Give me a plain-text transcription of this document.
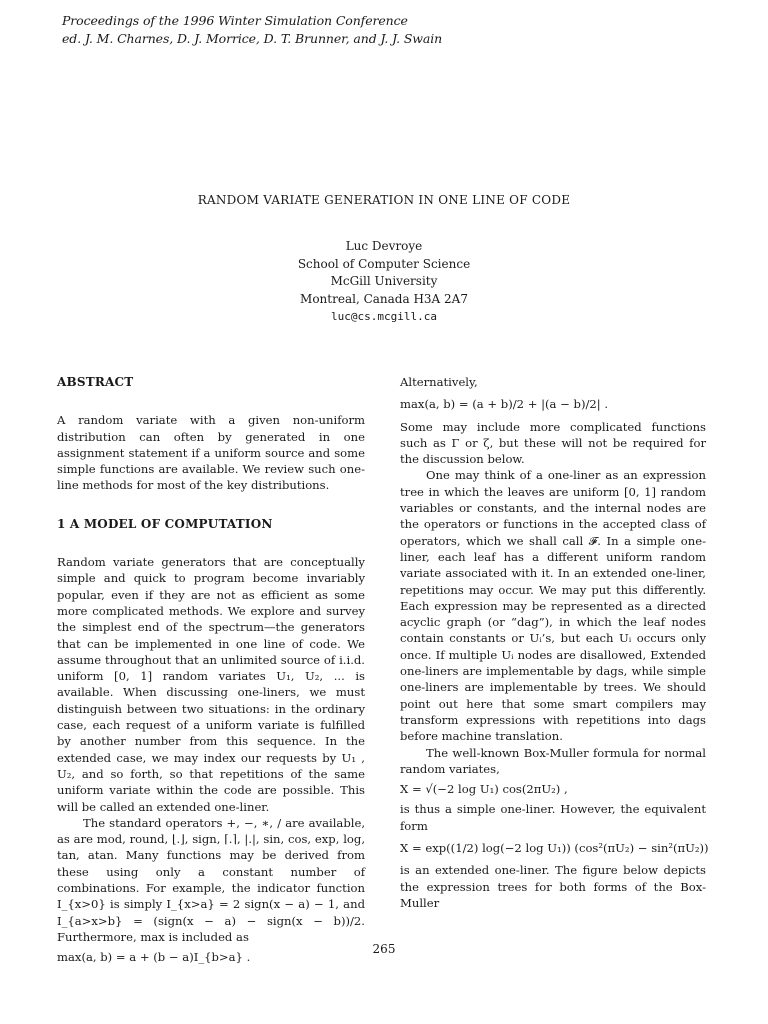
Proceedings of the 1996 Winter Simulation Conference
ed. J. M. Charnes, D. J. Morrice, D. T. Brunner, and J. J. Swain
RANDOM VARIATE GENERATION IN ONE LINE OF CODE
Luc Devroye
School of Computer Science
McGill University
Montreal, Canada H3A 2A7
luc@cs.mcgill.ca
ABSTRACT

A random variate with a given non-uniform distribution can often by generated in one assignment statement if a uniform source and some simple functions are available. We review such one-line methods for most of the key distributions.

1 A MODEL OF COMPUTATION

Random variate generators that are conceptually simple and quick to program become invariably popular, even if they are not as efficient as some more complicated methods. We explore and survey the simplest end of the spectrum—the generators that can be implemented in one line of code. We assume throughout that an unlimited source of i.i.d. uniform [0, 1] random variates U₁, U₂, ... is available. When discussing one-liners, we must distinguish between two situations: in the ordinary case, each request of a uniform variate is fulfilled by another number from this sequence. In the extended case, we may index our requests by U₁ , U₂, and so forth, so that repetitions of the same uniform variate within the code are possible. This will be called an extended one-liner.

The standard operators +, −, ∗, / are available, as are mod, round, ⌊.⌋, sign, ⌈.⌉, |.|, sin, cos, exp, log, tan, atan. Many functions may be derived from these using only a constant number of combinations. For example, the indicator function I_{x>0} is simply I_{x>a} = 2 sign(x − a) − 1, and I_{a>x>b} = (sign(x − a) − sign(x − b))/2. Furthermore, max is included as

max(a, b) = a + (b − a)I_{b>a} .

Alternatively,

max(a, b) = (a + b)/2 + |(a − b)/2| .

Some may include more complicated functions such as Γ or ζ, but these will not be required for the discussion below.

One may think of a one-liner as an expression tree in which the leaves are uniform [0, 1] random variables or constants, and the internal nodes are the operators or functions in the accepted class of operators, which we shall call 𝓕. In a simple one-liner, each leaf has a different uniform random variate associated with it. In an extended one-liner, repetitions may occur. We may put this differently. Each expression may be represented as a directed acyclic graph (or “dag”), in which the leaf nodes contain constants or Uᵢ’s, but each Uᵢ occurs only once. If multiple Uᵢ nodes are disallowed, Extended one-liners are implementable by dags, while simple one-liners are implementable by trees. We should point out here that some smart compilers may transform expressions with repetitions into dags before machine translation.

The well-known Box-Muller formula for normal random variates,

X = √(−2 log U₁) cos(2πU₂) ,

is thus a simple one-liner. However, the equivalent form

X = exp((1/2) log(−2 log U₁)) (cos²(πU₂) − sin²(πU₂))

is an extended one-liner. The figure below depicts the expression trees for both forms of the Box-Muller

265
